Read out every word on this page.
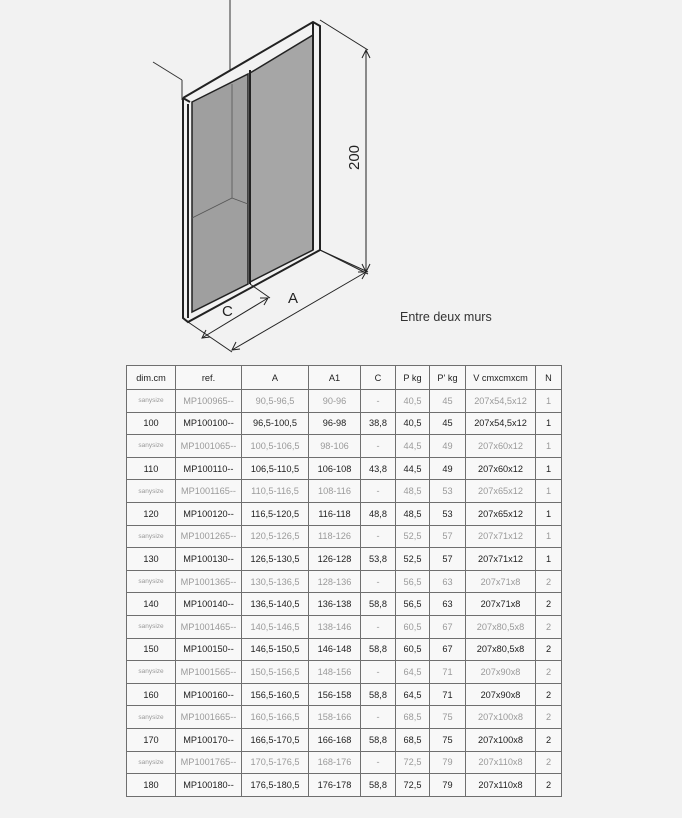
200
A
C	Entre deux murs
dim.cm	ref.	A	A1	C	P kg	P' kg	V cmxcmxcm	N
sanysize	MP100965--	90,5-96,5	90-96	-	40,5	45	207x54,5x12	1
100	MP100100--	96,5-100,5	96-98	38,8	40,5	45	207x54,5x12	1
sanysize	MP1001065--	100,5-106,5	98-106	-	44,5	49	207x60x12	1
110	MP100110--	106,5-110,5	106-108	43,8	44,5	49	207x60x12	1
sanysize	MP1001165--	110,5-116,5	108-116	-	48,5	53	207x65x12	1
120	MP100120--	116,5-120,5	116-118	48,8	48,5	53	207x65x12	1
sanysize	MP1001265--	120,5-126,5	118-126	-	52,5	57	207x71x12	1
130	MP100130--	126,5-130,5	126-128	53,8	52,5	57	207x71x12	1
sanysize	MP1001365--	130,5-136,5	128-136	-	56,5	63	207x71x8	2
140	MP100140--	136,5-140,5	136-138	58,8	56,5	63	207x71x8	2
sanysize	MP1001465--	140,5-146,5	138-146	-	60,5	67	207x80,5x8	2
150	MP100150--	146,5-150,5	146-148	58,8	60,5	67	207x80,5x8	2
sanysize	MP1001565--	150,5-156,5	148-156	-	64,5	71	207x90x8	2
160	MP100160--	156,5-160,5	156-158	58,8	64,5	71	207x90x8	2
sanysize	MP1001665--	160,5-166,5	158-166	-	68,5	75	207x100x8	2
170	MP100170--	166,5-170,5	166-168	58,8	68,5	75	207x100x8	2
sanysize	MP1001765--	170,5-176,5	168-176	-	72,5	79	207x110x8	2
180	MP100180--	176,5-180,5	176-178	58,8	72,5	79	207x110x8	2
